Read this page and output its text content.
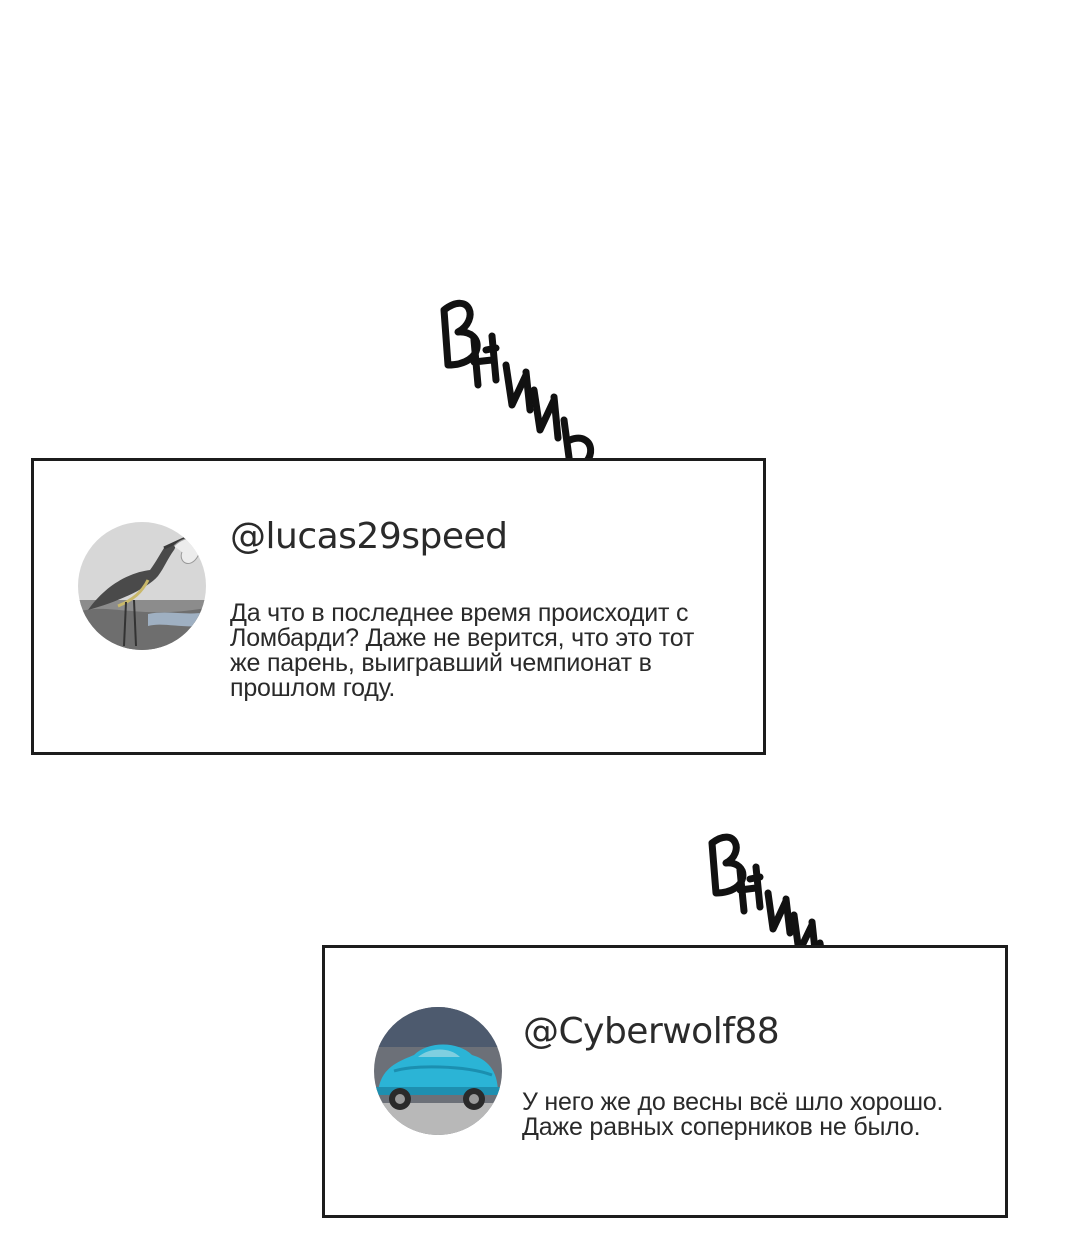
@lucas29speed
Да что в последнее время происходит с Ломбарди? Даже не верится, что это тот же парень, выигравший чемпионат в прошлом году.
@Cyberwolf88
У него же до весны всё шло хорошо. Даже равных соперников не было.
